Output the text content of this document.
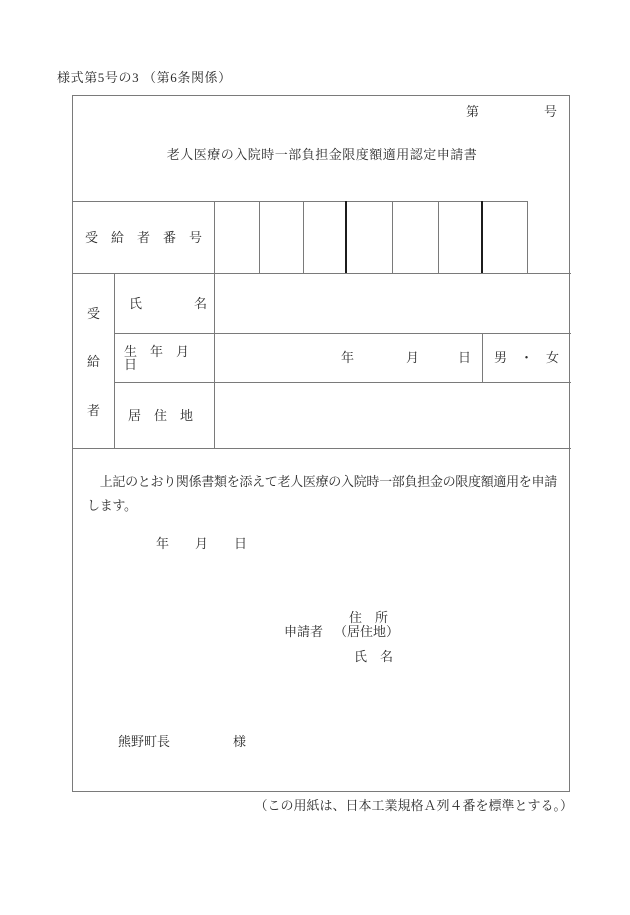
様式第5号の3 （第6条関係）
第　　　　　号
老人医療の入院時一部負担金限度額適用認定申請書
受　給　者　番　号
受
給
者
氏　　　　名
生　年　月　日	年　　　　月　　　日	男　・　女
居　住　地
　上記のとおり関係書類を添えて老人医療の入院時一部負担金の限度額適用を申請
します。
年　　月　　日
住　所
申請者 （居住地）
氏　名
熊野町長	様
（この用紙は、日本工業規格Ａ列４番を標準とする。）
